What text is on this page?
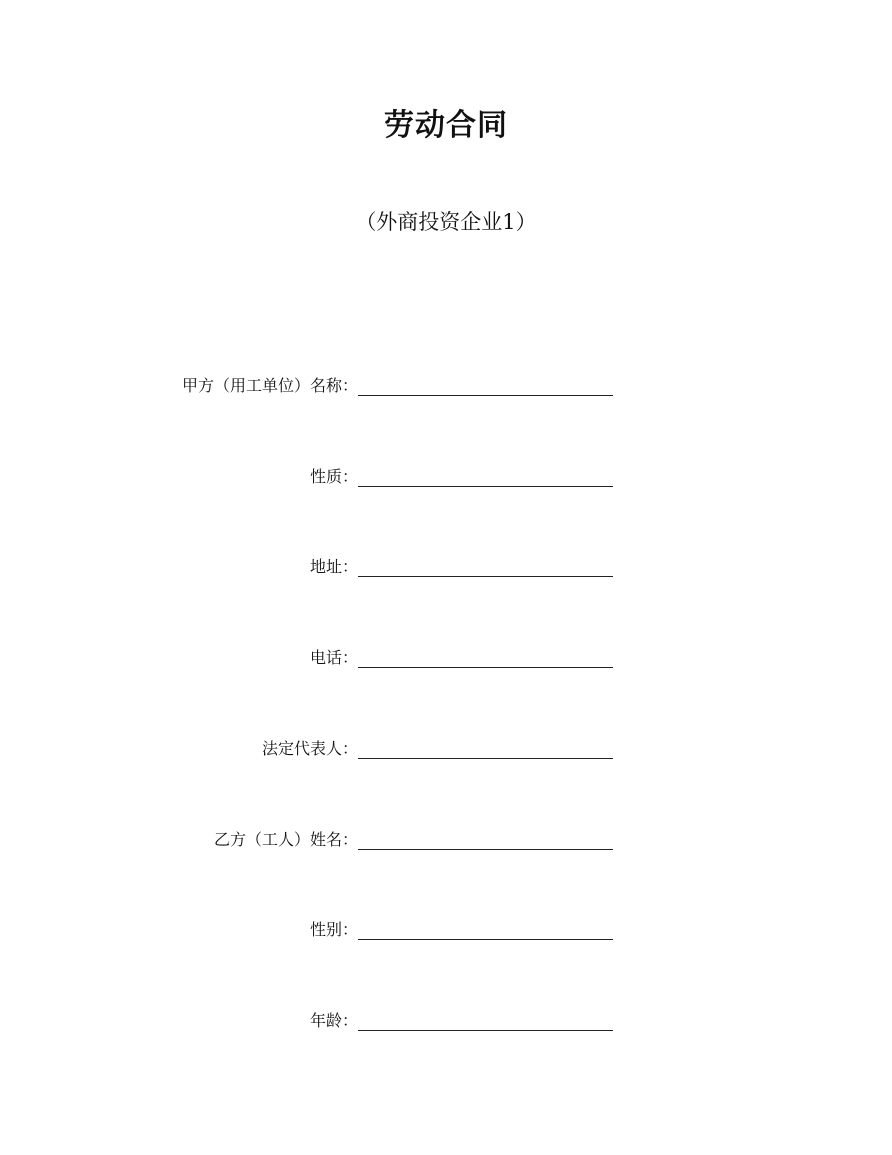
劳动合同
（外商投资企业1）
甲方（用工单位）名称：
性质：
地址：
电话：
法定代表人：
乙方（工人）姓名：
性别：
年龄：
